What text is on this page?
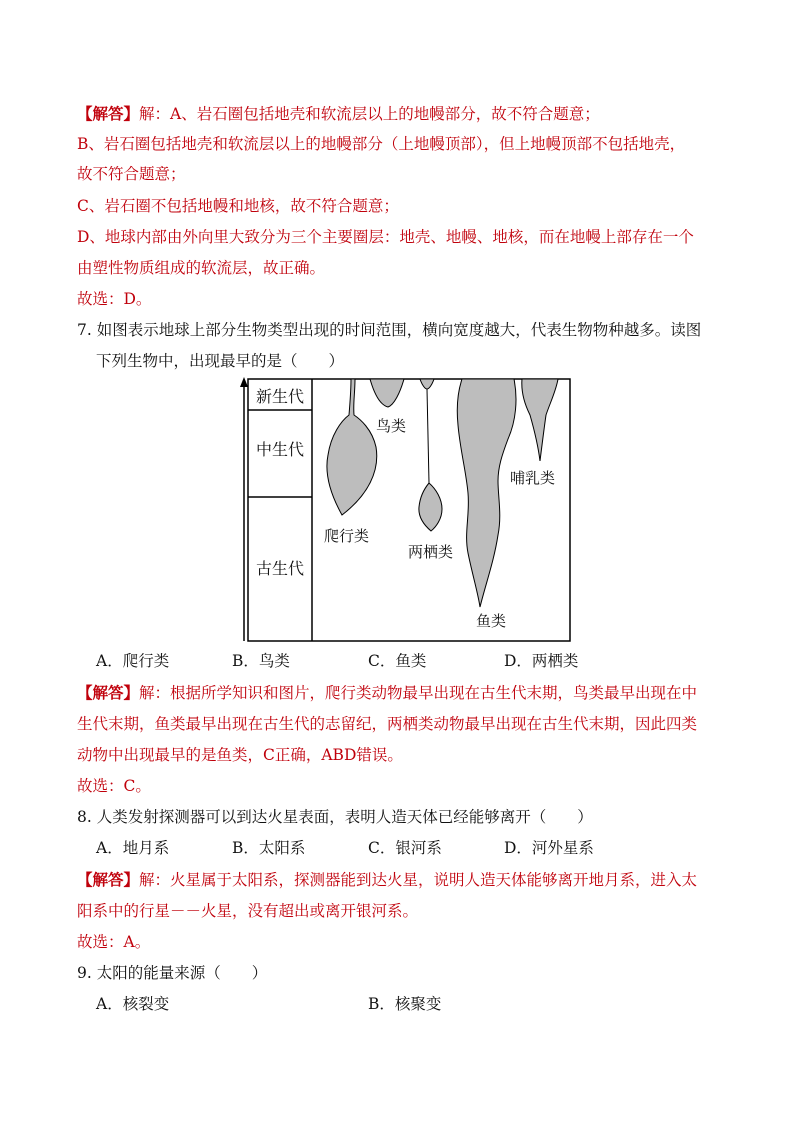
【解答】解：A、岩石圈包括地壳和软流层以上的地幔部分，故不符合题意；
B、岩石圈包括地壳和软流层以上的地幔部分（上地幔顶部），但上地幔顶部不包括地壳，
故不符合题意；
C、岩石圈不包括地幔和地核，故不符合题意；
D、地球内部由外向里大致分为三个主要圈层：地壳、地幔、地核，而在地幔上部存在一个
由塑性物质组成的软流层，故正确。
故选：D。
7. 如图表示地球上部分生物类型出现的时间范围，横向宽度越大，代表生物物种越多。读图
下列生物中，出现最早的是（　　）
新生代
中生代
古生代
鸟类
哺乳类
爬行类
两栖类
鱼类
A．爬行类	B．鸟类	C．鱼类	D．两栖类
【解答】解：根据所学知识和图片，爬行类动物最早出现在古生代末期，鸟类最早出现在中
生代末期，鱼类最早出现在古生代的志留纪，两栖类动物最早出现在古生代末期，因此四类
动物中出现最早的是鱼类，C正确，ABD错误。
故选：C。
8. 人类发射探测器可以到达火星表面，表明人造天体已经能够离开（　　）
A．地月系	B．太阳系	C．银河系	D．河外星系
【解答】解：火星属于太阳系，探测器能到达火星，说明人造天体能够离开地月系，进入太
阳系中的行星－－火星，没有超出或离开银河系。
故选：A。
9. 太阳的能量来源（　　）
A．核裂变	B．核聚变
